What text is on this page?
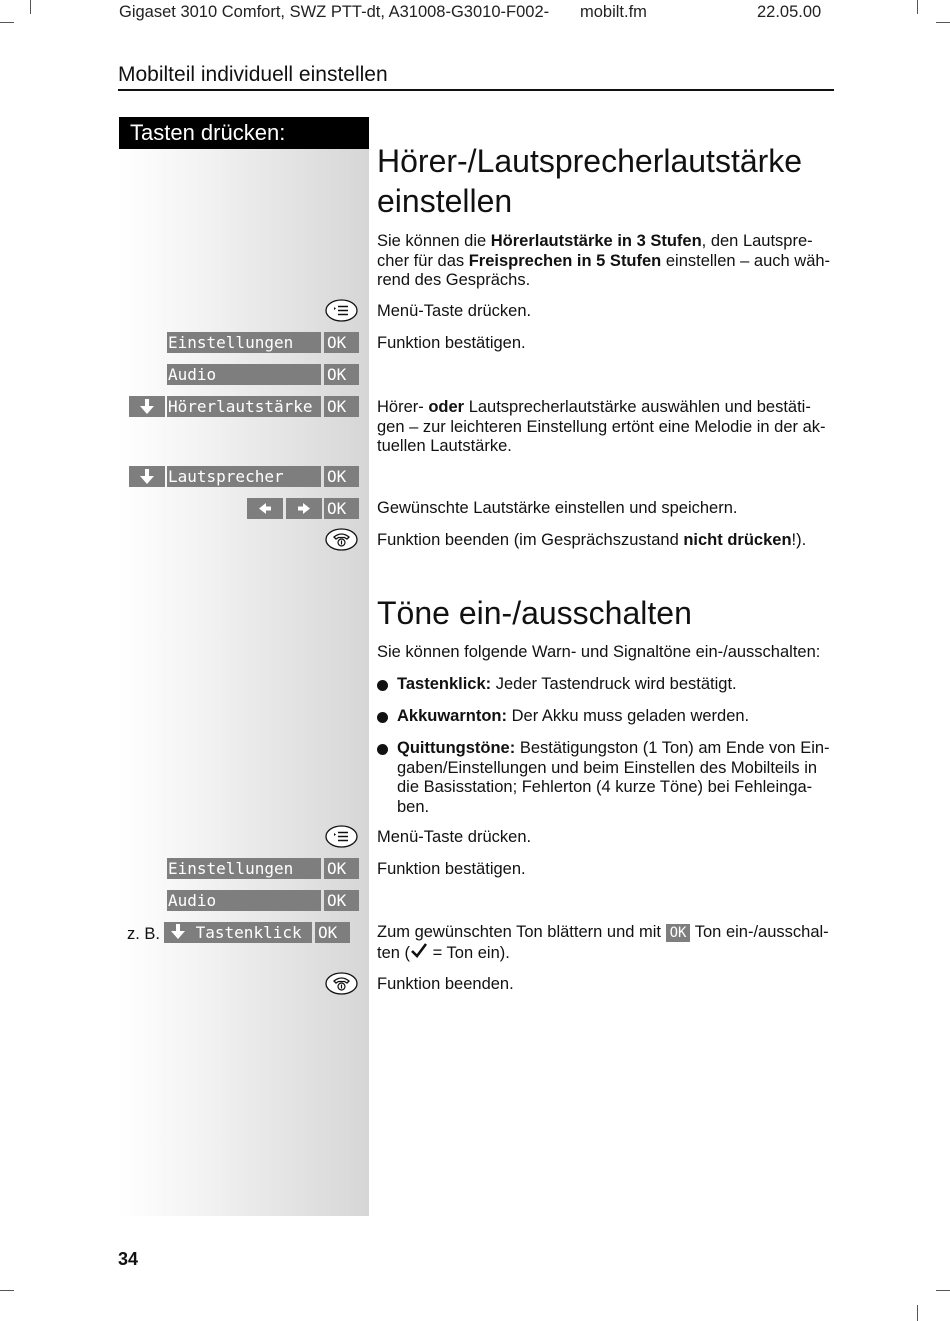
Gigaset 3010 Comfort, SWZ PTT-dt, A31008-G3010-F002- mobilt.fm	22.05.00
Mobilteil individuell einstellen
Tasten drücken:
Hörer-/Lautsprecherlautstärke
einstellen
Sie können die Hörerlautstärke in 3 Stufen, den Lautspre-
cher für das Freisprechen in 5 Stufen einstellen – auch wäh-
rend des Gesprächs.
Menü-Taste drücken.
Einstellungen	OK	Funktion bestätigen.
Audio	OK
Hörerlautstärke OK	Hörer- oder Lautsprecherlautstärke auswählen und bestäti-
gen – zur leichteren Einstellung ertönt eine Melodie in der ak-
tuellen Lautstärke.
Lautsprecher	OK
OK	Gewünschte Lautstärke einstellen und speichern.
Funktion beenden (im Gesprächszustand nicht drücken!).
Töne ein-/ausschalten
Sie können folgende Warn- und Signaltöne ein-/ausschalten:
Tastenklick: Jeder Tastendruck wird bestätigt.
Akkuwarnton: Der Akku muss geladen werden.
Quittungstöne: Bestätigungston (1 Ton) am Ende von Ein-
gaben/Einstellungen und beim Einstellen des Mobilteils in
die Basisstation; Fehlerton (4 kurze Töne) bei Fehleinga-
ben.
Menü-Taste drücken.
Einstellungen	OK	Funktion bestätigen.
Audio	OK
z. B.	Tastenklick	OK	Zum gewünschten Ton blättern und mit OK Ton ein-/ausschal-
ten ( = Ton ein).
Funktion beenden.
34
